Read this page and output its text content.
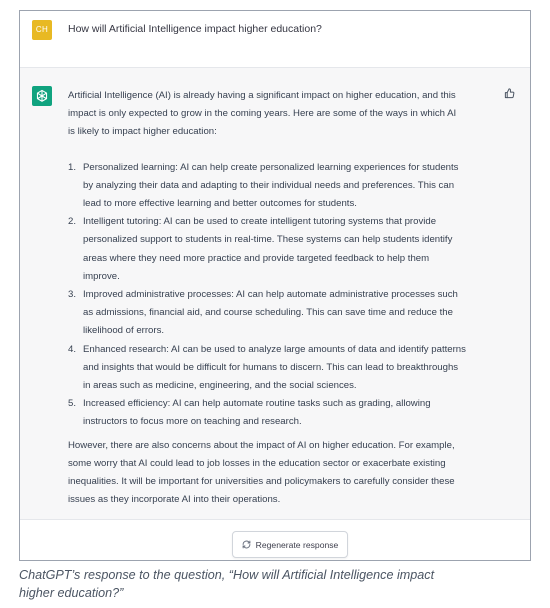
CH	How will Artificial Intelligence impact higher education?

Artificial Intelligence (AI) is already having a significant impact on higher education, and this
impact is only expected to grow in the coming years. Here are some of the ways in which AI
is likely to impact higher education:

1. Personalized learning: AI can help create personalized learning experiences for students
by analyzing their data and adapting to their individual needs and preferences. This can
lead to more effective learning and better outcomes for students.
2. Intelligent tutoring: AI can be used to create intelligent tutoring systems that provide
personalized support to students in real-time. These systems can help students identify
areas where they need more practice and provide targeted feedback to help them
improve.
3. Improved administrative processes: AI can help automate administrative processes such
as admissions, financial aid, and course scheduling. This can save time and reduce the
likelihood of errors.
4. Enhanced research: AI can be used to analyze large amounts of data and identify patterns
and insights that would be difficult for humans to discern. This can lead to breakthroughs
in areas such as medicine, engineering, and the social sciences.
5. Increased efficiency: AI can help automate routine tasks such as grading, allowing
instructors to focus more on teaching and research.

However, there are also concerns about the impact of AI on higher education. For example,
some worry that AI could lead to job losses in the education sector or exacerbate existing
inequalities. It will be important for universities and policymakers to carefully consider these
issues as they incorporate AI into their operations.

Regenerate response
ChatGPT’s response to the question, “How will Artificial Intelligence impact
higher education?”
